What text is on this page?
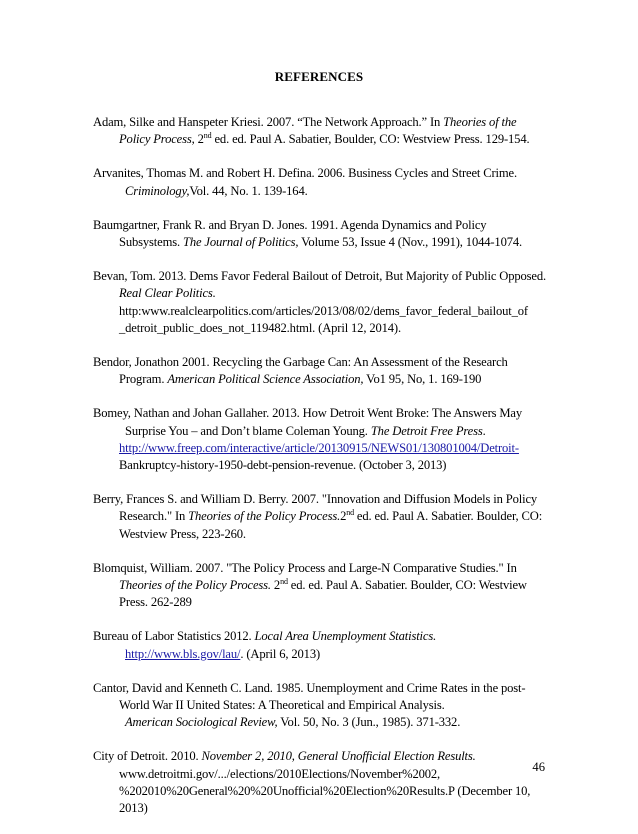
REFERENCES
Adam, Silke and Hanspeter Kriesi. 2007. “The Network Approach.” In Theories of the Policy Process, 2nd ed. ed. Paul A. Sabatier, Boulder, CO: Westview Press. 129-154.
Arvanites, Thomas M. and Robert H. Defina. 2006. Business Cycles and Street Crime.
Criminology,Vol. 44, No. 1. 139-164.
Baumgartner, Frank R. and Bryan D. Jones. 1991. Agenda Dynamics and Policy Subsystems. The Journal of Politics, Volume 53, Issue 4 (Nov., 1991), 1044-1074.
Bevan, Tom. 2013. Dems Favor Federal Bailout of Detroit, But Majority of Public Opposed. Real Clear Politics.
http:www.realclearpolitics.com/articles/2013/08/02/dems_favor_federal_bailout_of _detroit_public_does_not_119482.html. (April 12, 2014).
Bendor, Jonathon 2001. Recycling the Garbage Can: An Assessment of the Research Program. American Political Science Association, Vo1 95, No, 1. 169-190
Bomey, Nathan and Johan Gallaher. 2013. How Detroit Went Broke: The Answers May
Surprise You – and Don’t blame Coleman Young. The Detroit Free Press.
http://www.freep.com/interactive/article/20130915/NEWS01/130801004/Detroit-
Bankruptcy-history-1950-debt-pension-revenue. (October 3, 2013)
Berry, Frances S. and William D. Berry. 2007. "Innovation and Diffusion Models in Policy Research." In Theories of the Policy Process.2nd ed. ed. Paul A. Sabatier. Boulder, CO: Westview Press, 223-260.
Blomquist, William. 2007. "The Policy Process and Large-N Comparative Studies." In Theories of the Policy Process. 2nd ed. ed. Paul A. Sabatier. Boulder, CO: Westview Press. 262-289
Bureau of Labor Statistics 2012. Local Area Unemployment Statistics.
http://www.bls.gov/lau/. (April 6, 2013)
Cantor, David and Kenneth C. Land. 1985. Unemployment and Crime Rates in the post-World War II United States: A Theoretical and Empirical Analysis.
American Sociological Review, Vol. 50, No. 3 (Jun., 1985). 371-332.
City of Detroit. 2010. November 2, 2010, General Unofficial Election Results.
www.detroitmi.gov/.../elections/2010Elections/November%2002, %202010%20General%20%20Unofficial%20Election%20Results.P (December 10, 2013)
46
